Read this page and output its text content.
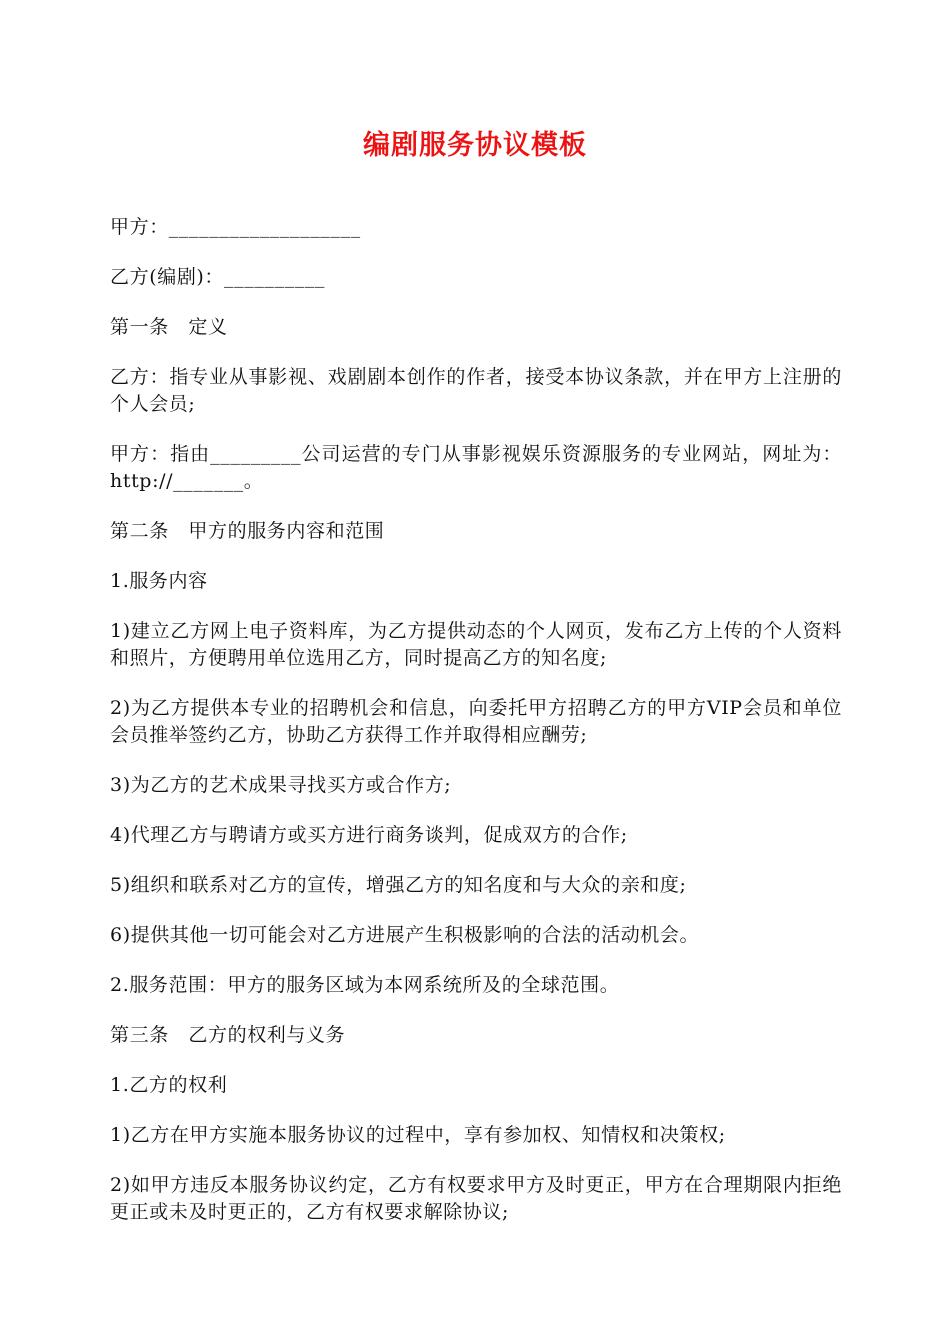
编剧服务协议模板

甲方：___________________

乙方(编剧)：__________

第一条　定义

乙方：指专业从事影视、戏剧剧本创作的作者，接受本协议条款，并在甲方上注册的个人会员;

甲方：指由_________公司运营的专门从事影视娱乐资源服务的专业网站，网址为：http://_______。

第二条　甲方的服务内容和范围

1.服务内容

1)建立乙方网上电子资料库，为乙方提供动态的个人网页，发布乙方上传的个人资料和照片，方便聘用单位选用乙方，同时提高乙方的知名度;

2)为乙方提供本专业的招聘机会和信息，向委托甲方招聘乙方的甲方VIP会员和单位会员推举签约乙方，协助乙方获得工作并取得相应酬劳;

3)为乙方的艺术成果寻找买方或合作方;

4)代理乙方与聘请方或买方进行商务谈判，促成双方的合作;

5)组织和联系对乙方的宣传，增强乙方的知名度和与大众的亲和度;

6)提供其他一切可能会对乙方进展产生积极影响的合法的活动机会。

2.服务范围：甲方的服务区域为本网系统所及的全球范围。

第三条　乙方的权利与义务

1.乙方的权利

1)乙方在甲方实施本服务协议的过程中，享有参加权、知情权和决策权;

2)如甲方违反本服务协议约定，乙方有权要求甲方及时更正，甲方在合理期限内拒绝更正或未及时更正的，乙方有权要求解除协议;
